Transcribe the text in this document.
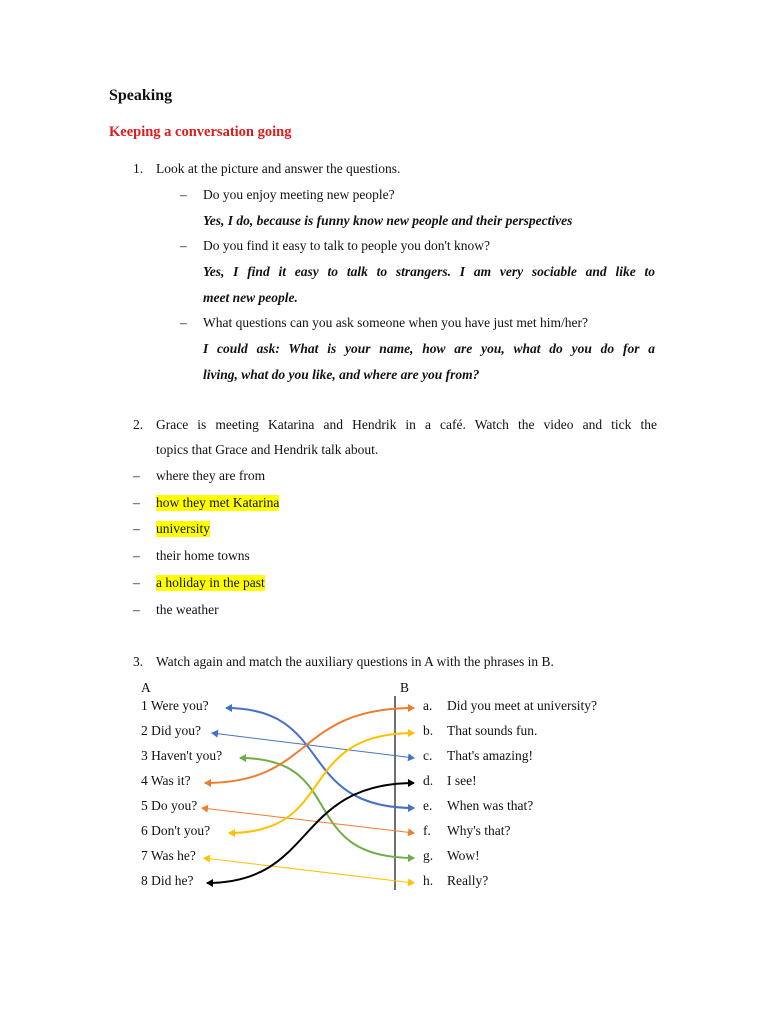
Speaking
Keeping a conversation going
1. Look at the picture and answer the questions.
– Do you enjoy meeting new people?
Yes, I do, because is funny know new people and their perspectives
– Do you find it easy to talk to people you don't know?
Yes, I find it easy to talk to strangers. I am very sociable and like to
meet new people.
– What questions can you ask someone when you have just met him/her?
I could ask: What is your name, how are you, what do you do for a
living, what do you like, and where are you from?
2. Grace is meeting Katarina and Hendrik in a café. Watch the video and tick the
topics that Grace and Hendrik talk about.
– where they are from
– how they met Katarina
– university
– their home towns
– a holiday in the past
– the weather
3. Watch again and match the auxiliary questions in A with the phrases in B.
A	B
1 Were you?
2 Did you?
3 Haven't you?
4 Was it?
5 Do you?
6 Don't you?
7 Was he?
8 Did he?
a. Did you meet at university?
b. That sounds fun.
c. That's amazing!
d. I see!
e. When was that?
f. Why's that?
g. Wow!
h. Really?
